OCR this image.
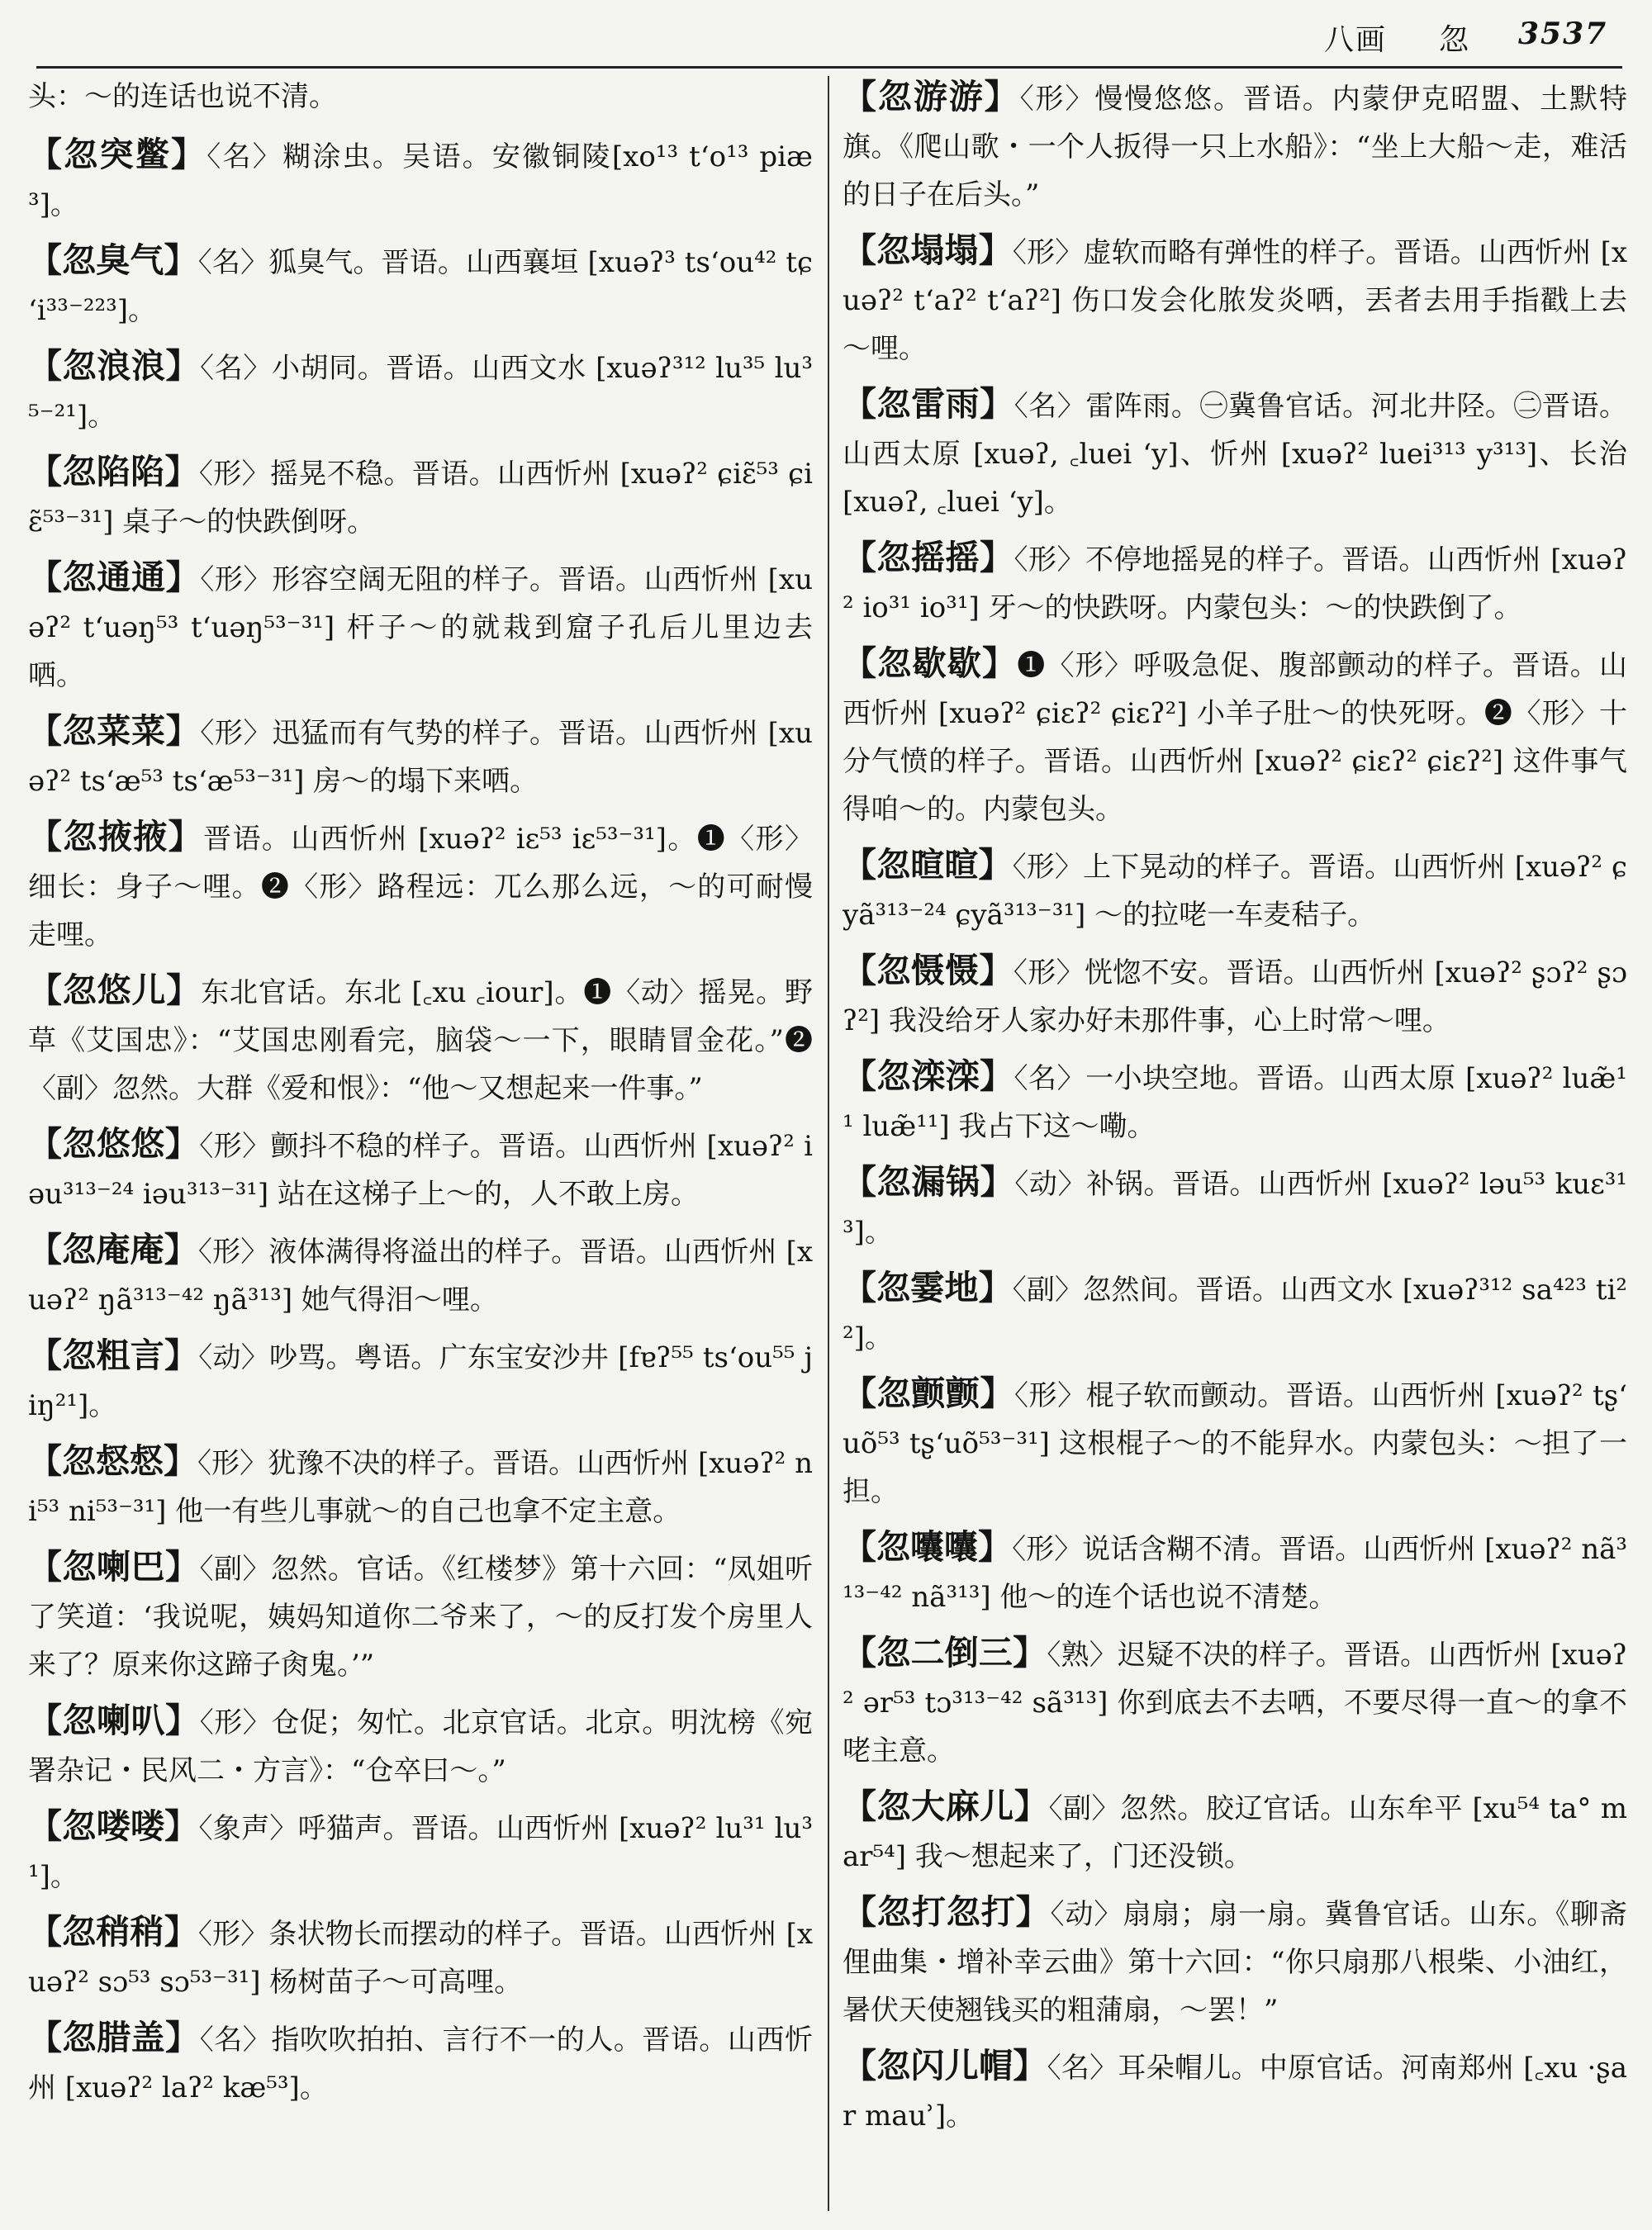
八画 忽 3537

头：～的连话也说不清。

【忽突鳖】〈名〉糊涂虫。吴语。安徽铜陵[xo¹³ tʻo¹³ piæ³]。

【忽臭气】〈名〉狐臭气。晋语。山西襄垣 [xuəʔ³ tsʻou⁴² tɕʻi³³⁻²²³]。

【忽浪浪】〈名〉小胡同。晋语。山西文水 [xuəʔ³¹² lu³⁵ lu³⁵⁻²¹]。

【忽陷陷】〈形〉摇晃不稳。晋语。山西忻州 [xuəʔ² ɕiɛ̃⁵³ ɕiɛ̃⁵³⁻³¹] 桌子～的快跌倒呀。

【忽通通】〈形〉形容空阔无阻的样子。晋语。山西忻州 [xuəʔ² tʻuəŋ⁵³ tʻuəŋ⁵³⁻³¹] 杆子～的就栽到窟子孔后儿里边去哂。

【忽菜菜】〈形〉迅猛而有气势的样子。晋语。山西忻州 [xuəʔ² tsʻæ⁵³ tsʻæ⁵³⁻³¹] 房～的塌下来哂。

【忽掖掖】晋语。山西忻州 [xuəʔ² iɛ⁵³ iɛ⁵³⁻³¹]。❶〈形〉细长：身子～哩。❷〈形〉路程远：兀么那么远，～的可耐慢走哩。

【忽悠儿】东北官话。东北 [꜀xu ꜀iour]。❶〈动〉摇晃。野草《艾国忠》：“艾国忠刚看完，脑袋～一下，眼睛冒金花。”❷〈副〉忽然。大群《爱和恨》：“他～又想起来一件事。”

【忽悠悠】〈形〉颤抖不稳的样子。晋语。山西忻州 [xuəʔ² iəu³¹³⁻²⁴ iəu³¹³⁻³¹] 站在这梯子上～的，人不敢上房。

【忽庵庵】〈形〉液体满得将溢出的样子。晋语。山西忻州 [xuəʔ² ŋã³¹³⁻⁴² ŋã³¹³] 她气得泪～哩。

【忽粗言】〈动〉吵骂。粤语。广东宝安沙井 [fɐʔ⁵⁵ tsʻou⁵⁵ jiŋ²¹]。

【忽惄惄】〈形〉犹豫不决的样子。晋语。山西忻州 [xuəʔ² ni⁵³ ni⁵³⁻³¹] 他一有些儿事就～的自己也拿不定主意。

【忽喇巴】〈副〉忽然。官话。《红楼梦》第十六回：“凤姐听了笑道：‘我说呢，姨妈知道你二爷来了，～的反打发个房里人来了？原来你这蹄子肏鬼。’”

【忽喇叭】〈形〉仓促；匆忙。北京官话。北京。明沈榜《宛署杂记・民风二・方言》：“仓卒曰～。”

【忽喽喽】〈象声〉呼猫声。晋语。山西忻州 [xuəʔ² lu³¹ lu³¹]。

【忽稍稍】〈形〉条状物长而摆动的样子。晋语。山西忻州 [xuəʔ² sɔ⁵³ sɔ⁵³⁻³¹] 杨树苗子～可高哩。

【忽腊盖】〈名〉指吹吹拍拍、言行不一的人。晋语。山西忻州 [xuəʔ² laʔ² kæ⁵³]。

【忽游游】〈形〉慢慢悠悠。晋语。内蒙伊克昭盟、土默特旗。《爬山歌・一个人扳得一只上水船》：“坐上大船～走，难活的日子在后头。”

【忽塌塌】〈形〉虚软而略有弹性的样子。晋语。山西忻州 [xuəʔ² tʻaʔ² tʻaʔ²] 伤口发会化脓发炎哂，丟者去用手指戳上去～哩。

【忽雷雨】〈名〉雷阵雨。㊀冀鲁官话。河北井陉。㊁晋语。山西太原 [xuəʔ, ꜀luei ʻy]、忻州 [xuəʔ² luei³¹³ y³¹³]、长治 [xuəʔ, ꜀luei ʻy]。

【忽摇摇】〈形〉不停地摇晃的样子。晋语。山西忻州 [xuəʔ² io³¹ io³¹] 牙～的快跌呀。内蒙包头：～的快跌倒了。

【忽歇歇】❶〈形〉呼吸急促、腹部颤动的样子。晋语。山西忻州 [xuəʔ² ɕiɛʔ² ɕiɛʔ²] 小羊子肚～的快死呀。❷〈形〉十分气愤的样子。晋语。山西忻州 [xuəʔ² ɕiɛʔ² ɕiɛʔ²] 这件事气得咱～的。内蒙包头。

【忽暄暄】〈形〉上下晃动的样子。晋语。山西忻州 [xuəʔ² ɕyã³¹³⁻²⁴ ɕyã³¹³⁻³¹] ～的拉咾一车麦秸子。

【忽慑慑】〈形〉恍惚不安。晋语。山西忻州 [xuəʔ² ʂɔʔ² ʂɔʔ²] 我没给牙人家办好未那件事，心上时常～哩。

【忽滦滦】〈名〉一小块空地。晋语。山西太原 [xuəʔ² luæ̃¹¹ luæ̃¹¹] 我占下这～嘞。

【忽漏锅】〈动〉补锅。晋语。山西忻州 [xuəʔ² ləu⁵³ kuɛ³¹³]。

【忽霎地】〈副〉忽然间。晋语。山西文水 [xuəʔ³¹² sa⁴²³ ti²²]。

【忽颤颤】〈形〉棍子软而颤动。晋语。山西忻州 [xuəʔ² tʂʻuõ⁵³ tʂʻuõ⁵³⁻³¹] 这根棍子～的不能舁水。内蒙包头：～担了一担。

【忽囔囔】〈形〉说话含糊不清。晋语。山西忻州 [xuəʔ² nã³¹³⁻⁴² nã³¹³] 他～的连个话也说不清楚。

【忽二倒三】〈熟〉迟疑不决的样子。晋语。山西忻州 [xuəʔ² ər⁵³ tɔ³¹³⁻⁴² sã³¹³] 你到底去不去哂，不要尽得一直～的拿不咾主意。

【忽大麻儿】〈副〉忽然。胶辽官话。山东牟平 [xu⁵⁴ ta° mar⁵⁴] 我～想起来了，门还没锁。

【忽打忽打】〈动〉扇扇；扇一扇。冀鲁官话。山东。《聊斋俚曲集・增补幸云曲》第十六回：“你只扇那八根柴、小油红，暑伏天使翘钱买的粗蒲扇，～罢！”

【忽闪儿帽】〈名〉耳朵帽儿。中原官话。河南郑州 [꜀xu ·ʂar mauʾ]。
